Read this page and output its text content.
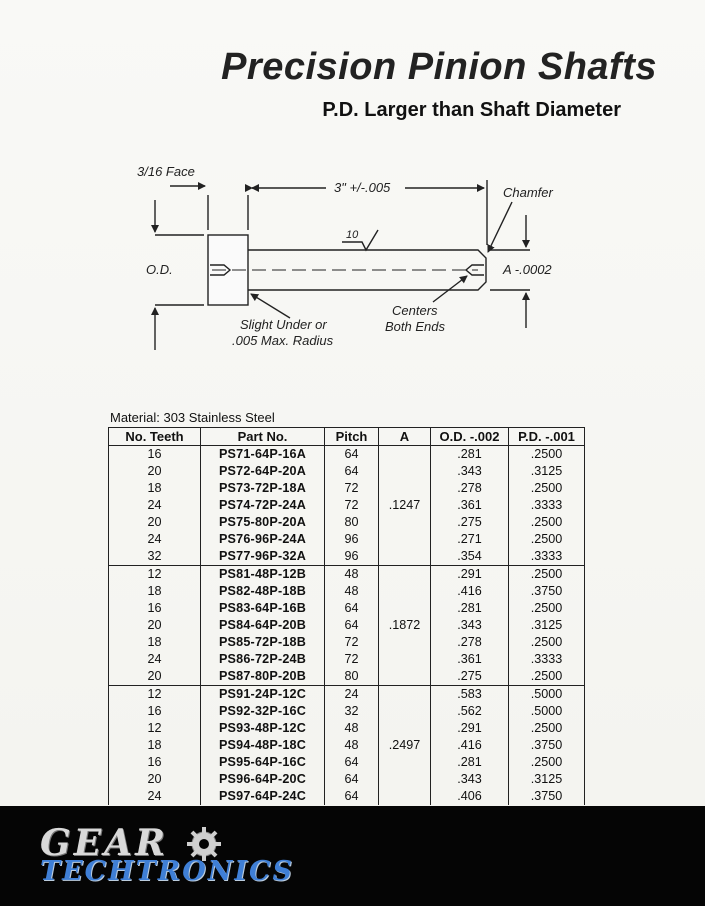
Precision Pinion Shafts
P.D. Larger than Shaft Diameter
3/16 Face
3" +/-.005	Chamfer
10
O.D.	A -.0002
Slight Under or
.005 Max. Radius
Centers
Both Ends
Material: 303 Stainless Steel
No. Teeth	Part No.	Pitch	A	O.D. -.002	P.D. -.001
16	PS71-64P-16A	64	.1247	.281	.2500
20	PS72-64P-20A	64		.343	.3125
18	PS73-72P-18A	72		.278	.2500
24	PS74-72P-24A	72		.361	.3333
20	PS75-80P-20A	80		.275	.2500
24	PS76-96P-24A	96		.271	.2500
32	PS77-96P-32A	96		.354	.3333
12	PS81-48P-12B	48	.1872	.291	.2500
18	PS82-48P-18B	48		.416	.3750
16	PS83-64P-16B	64		.281	.2500
20	PS84-64P-20B	64		.343	.3125
18	PS85-72P-18B	72		.278	.2500
24	PS86-72P-24B	72		.361	.3333
20	PS87-80P-20B	80		.275	.2500
12	PS91-24P-12C	24	.2497	.583	.5000
16	PS92-32P-16C	32		.562	.5000
12	PS93-48P-12C	48		.291	.2500
18	PS94-48P-18C	48		.416	.3750
16	PS95-64P-16C	64		.281	.2500
20	PS96-64P-20C	64		.343	.3125
24	PS97-64P-24C	64		.406	.3750
GEAR
TECHTRONICS
